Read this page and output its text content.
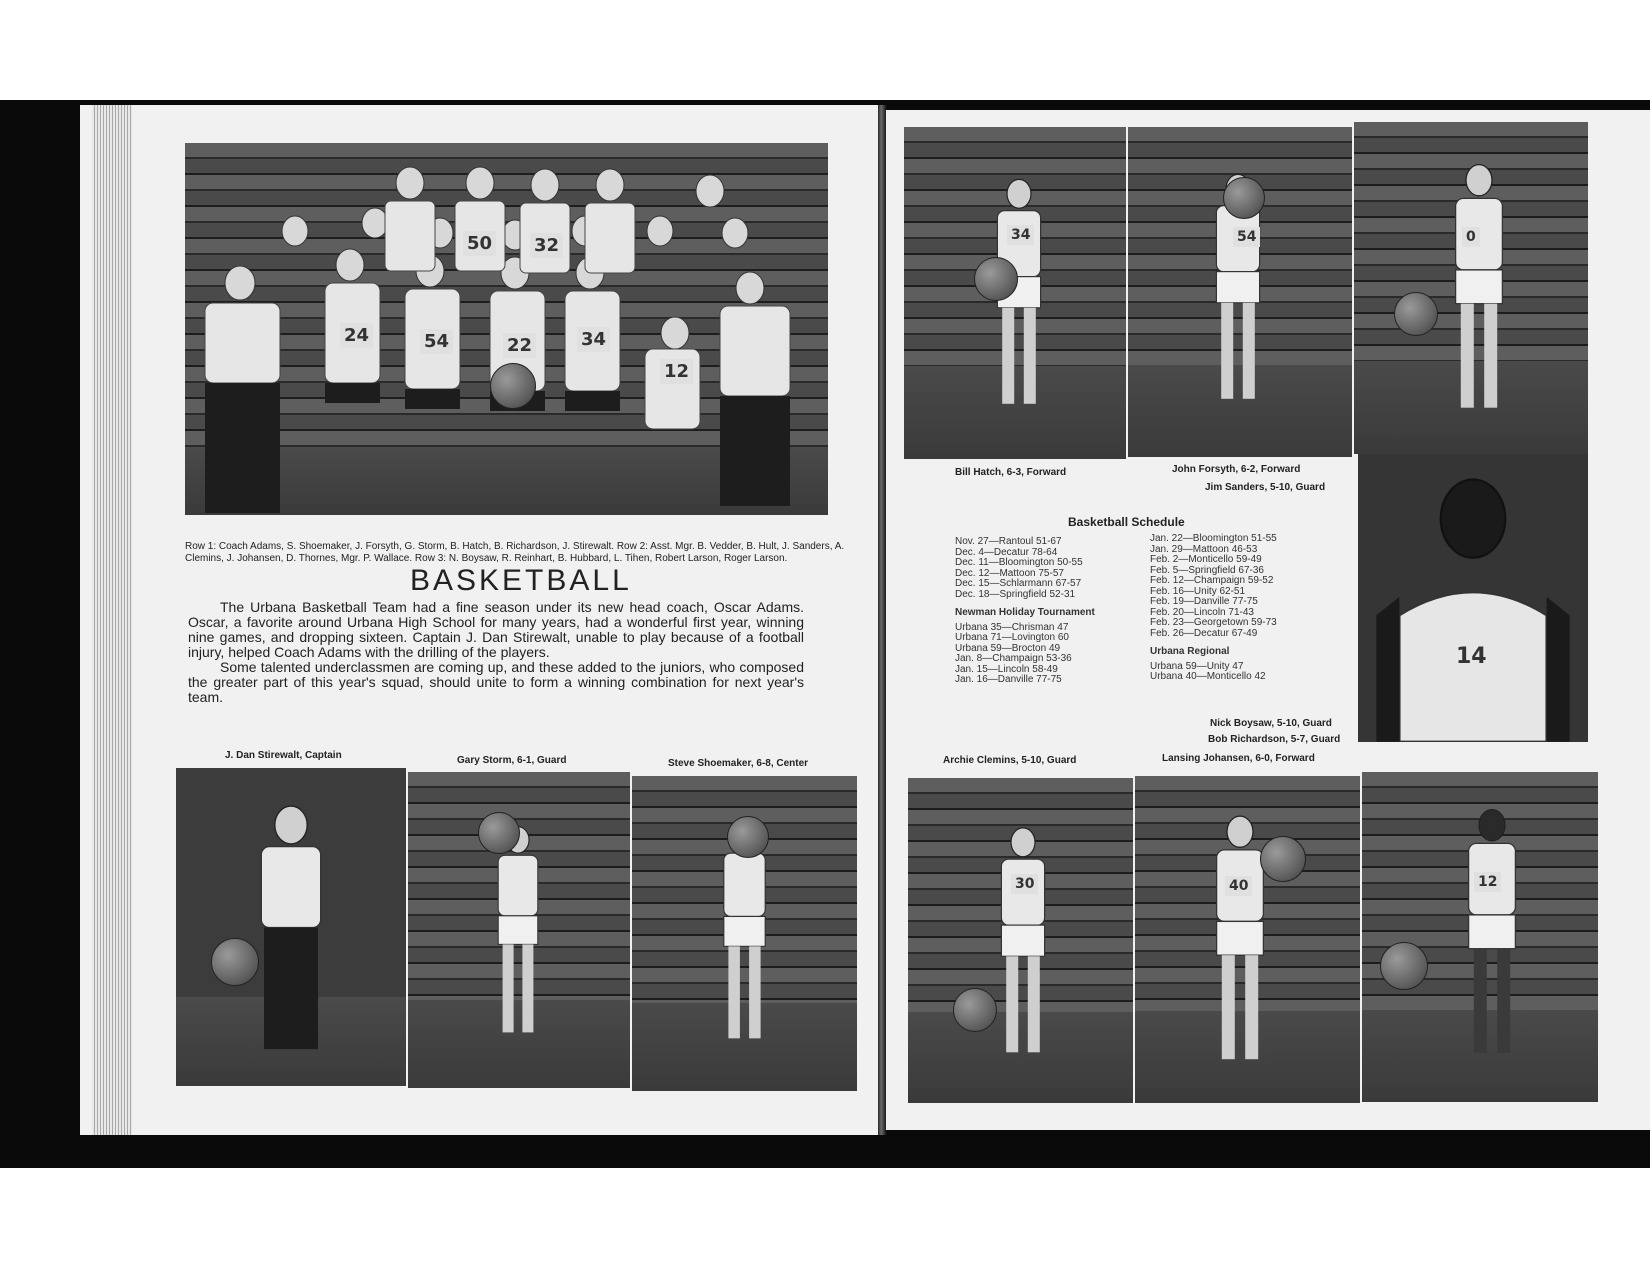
50 32
24	54	22	34
12
Row 1: Coach Adams, S. Shoemaker, J. Forsyth, G. Storm, B. Hatch, B. Richardson, J. Stirewalt. Row 2: Asst. Mgr. B. Vedder, B. Hult, J. Sanders, A. Clemins, J. Johansen, D. Thornes, Mgr. P. Wallace. Row 3: N. Boysaw, R. Reinhart, B. Hubbard, L. Tihen, Robert Larson, Roger Larson.
BASKETBALL

The Urbana Basketball Team had a fine season under its new head coach, Oscar Adams. Oscar, a favorite around Urbana High School for many years, had a wonderful first year, winning nine games, and dropping sixteen. Captain J. Dan Stirewalt, unable to play because of a football injury, helped Coach Adams with the drilling of the players.

Some talented underclassmen are coming up, and these added to the juniors, who composed the greater part of this year's squad, should unite to form a winning combination for next year's team.

J. Dan Stirewalt, Captain	Gary Storm, 6-1, Guard	Steve Shoemaker, 6-8, Center
34	54	0
Bill Hatch, 6-3, Forward	John Forsyth, 6-2, Forward
Jim Sanders, 5-10, Guard
14
Nick Boysaw, 5-10, Guard
Bob Richardson, 5-7, Guard
Basketball Schedule
Nov. 27—Rantoul 51-67
Dec. 4—Decatur 78-64
Dec. 11—Bloomington 50-55
Dec. 12—Mattoon 75-57
Dec. 15—Schlarmann 67-57
Dec. 18—Springfield 52-31
Newman Holiday Tournament
Urbana 35—Chrisman 47
Urbana 71—Lovington 60
Urbana 59—Brocton 49
Jan. 8—Champaign 53-36
Jan. 15—Lincoln 58-49
Jan. 16—Danville 77-75
Jan. 22—Bloomington 51-55
Jan. 29—Mattoon 46-53
Feb. 2—Monticello 59-49
Feb. 5—Springfield 67-36
Feb. 12—Champaign 59-52
Feb. 16—Unity 62-51
Feb. 19—Danville 77-75
Feb. 20—Lincoln 71-43
Feb. 23—Georgetown 59-73
Feb. 26—Decatur 67-49
Urbana Regional
Urbana 59—Unity 47
Urbana 40—Monticello 42
Archie Clemins, 5-10, Guard	Lansing Johansen, 6-0, Forward
30	40	12
